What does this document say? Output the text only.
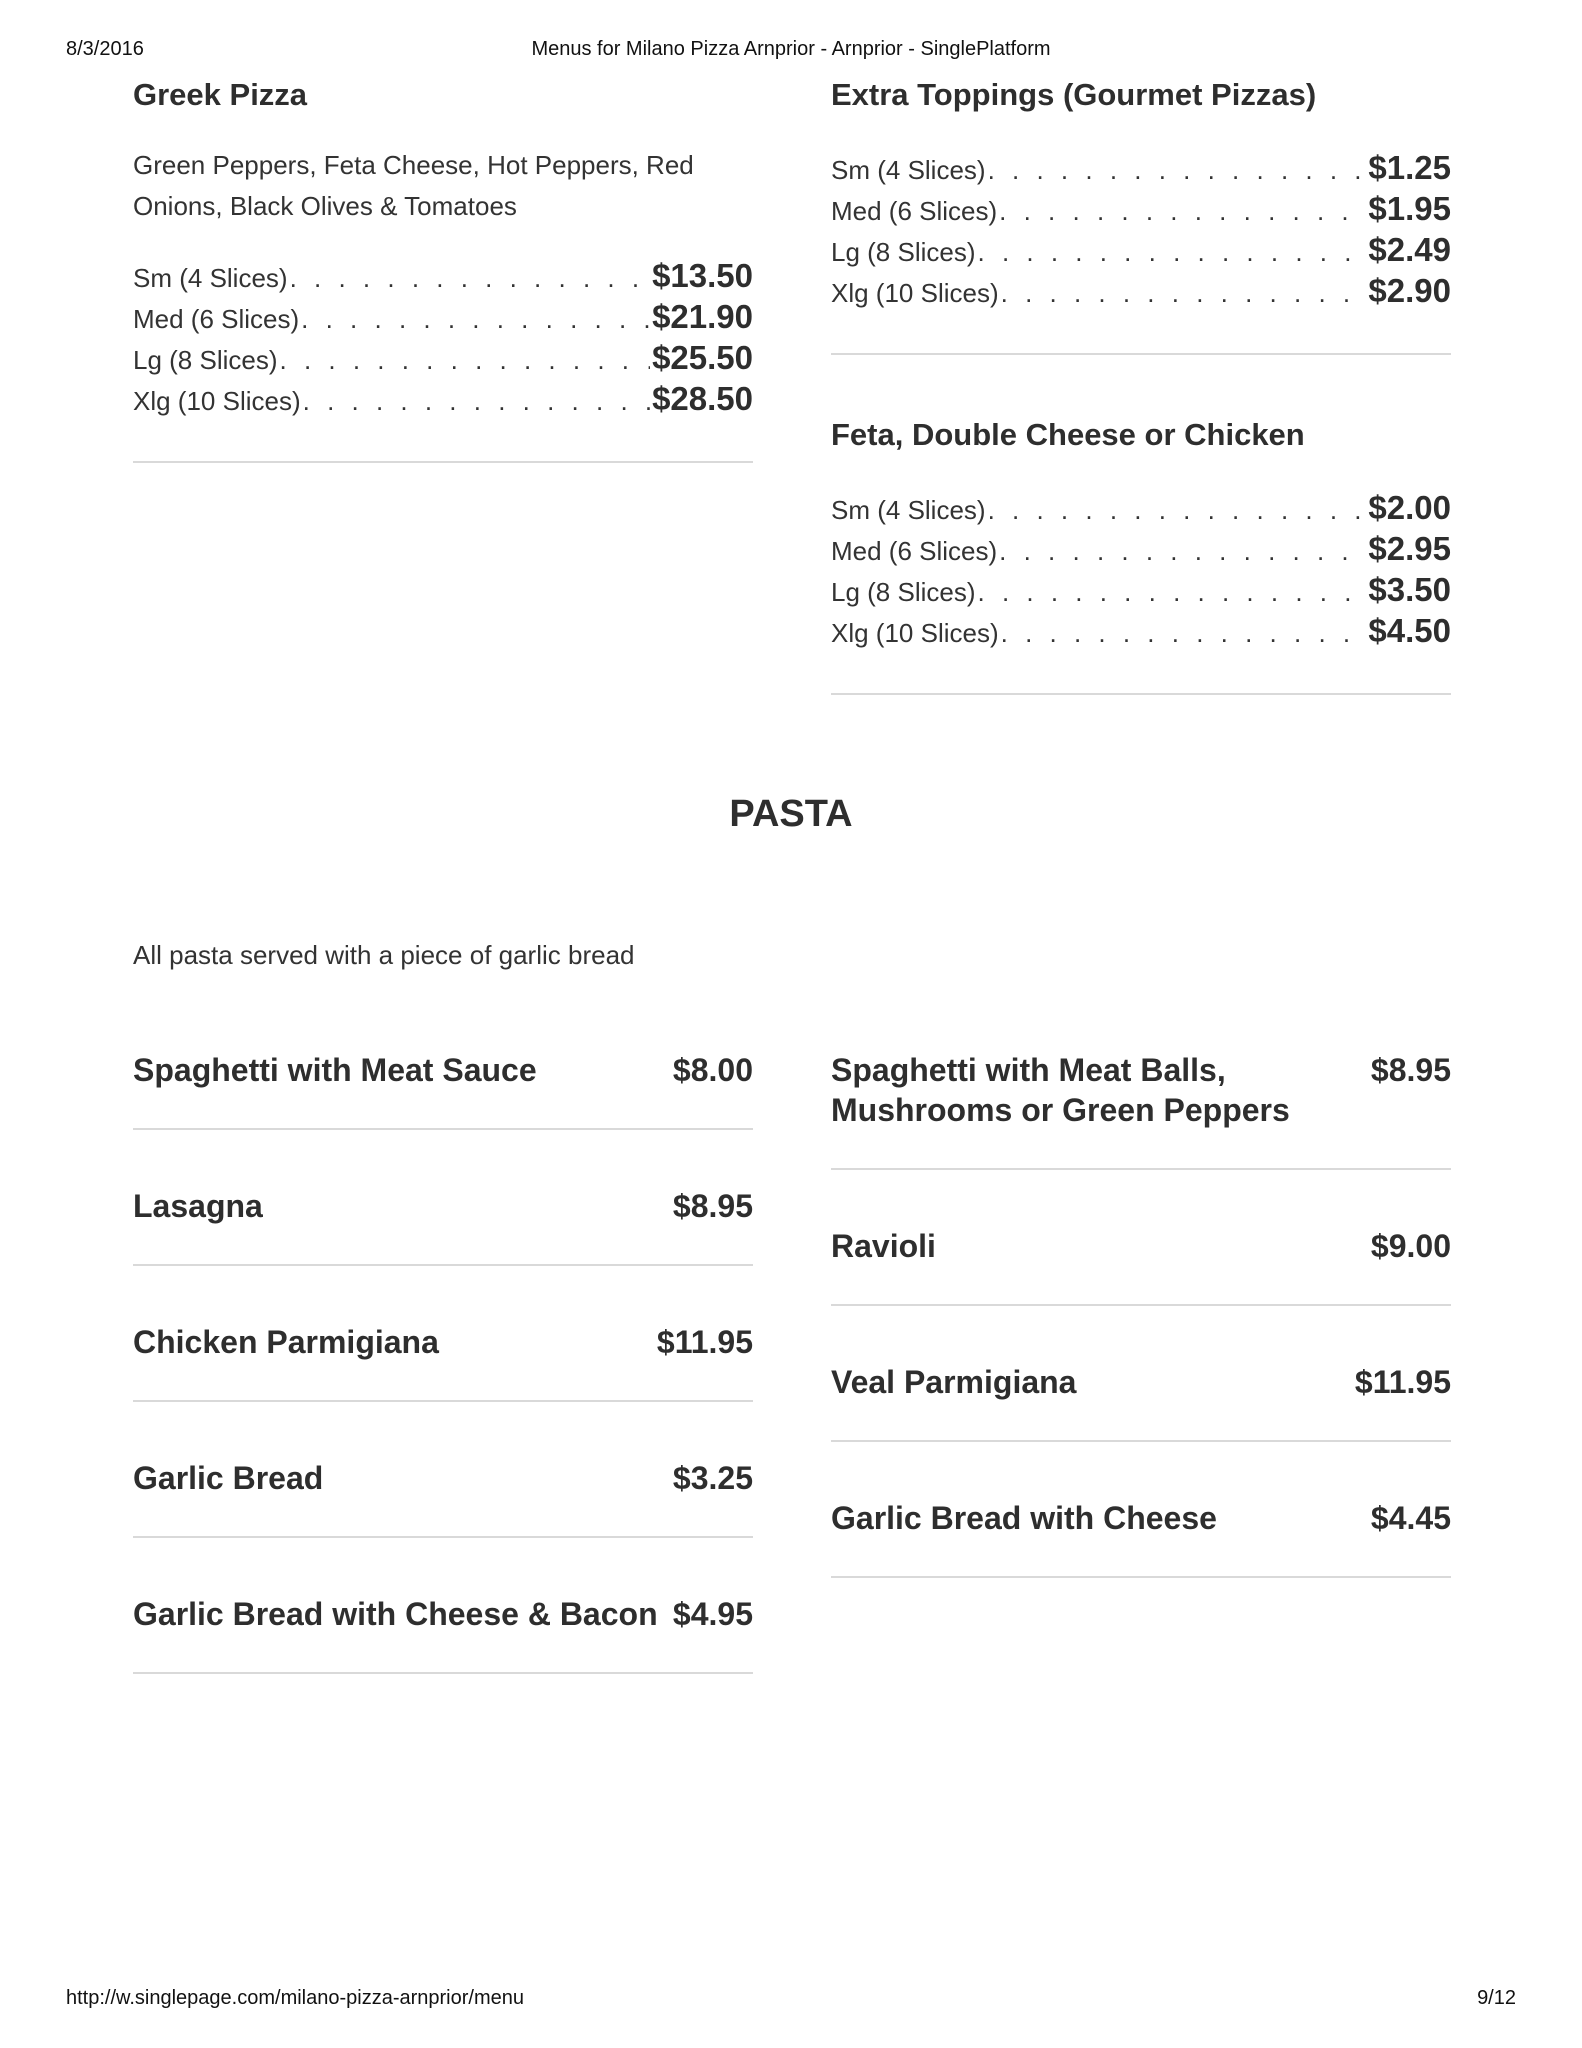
8/3/2016	Menus for Milano Pizza Arnprior - Arnprior - SinglePlatform
Greek Pizza
Green Peppers, Feta Cheese, Hot Peppers, Red Onions, Black Olives & Tomatoes
Sm (4 Slices) . . .	$13.50
Med (6 Slices) . . .	$21.90
Lg (8 Slices) . . .	$25.50
Xlg (10 Slices) . . .	$28.50
Extra Toppings (Gourmet Pizzas)
Sm (4 Slices) . . .	$1.25
Med (6 Slices) . . .	$1.95
Lg (8 Slices) . . .	$2.49
Xlg (10 Slices) . . .	$2.90
Feta, Double Cheese or Chicken
Sm (4 Slices) . . .	$2.00
Med (6 Slices) . . .	$2.95
Lg (8 Slices) . . .	$3.50
Xlg (10 Slices) . . .	$4.50
PASTA
All pasta served with a piece of garlic bread
Spaghetti with Meat Sauce	$8.00
Lasagna	$8.95
Chicken Parmigiana	$11.95
Garlic Bread	$3.25
Garlic Bread with Cheese & Bacon $4.95
Spaghetti with Meat Balls, Mushrooms or Green Peppers
$8.95
Ravioli	$9.00
Veal Parmigiana	$11.95
Garlic Bread with Cheese	$4.45
http://w.singlepage.com/milano-pizza-arnprior/menu	9/12
